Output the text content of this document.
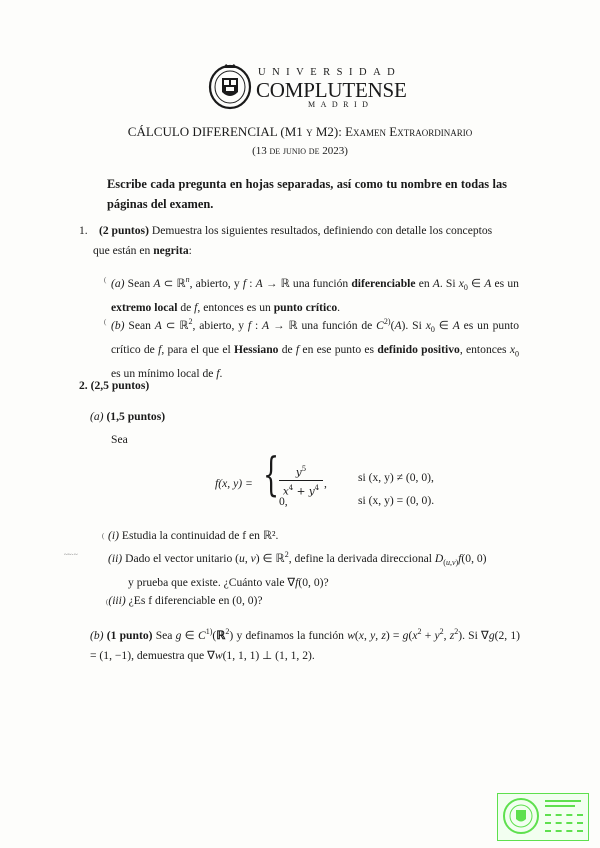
UNIVERSIDAD
COMPLUTENSE
MADRID
CÁLCULO DIFERENCIAL (M1 y M2): Examen Extraordinario
(13 de junio de 2023)
Escribe cada pregunta en hojas separadas, así como tu nombre en todas las páginas del examen.
1. (2 puntos) Demuestra los siguientes resultados, definiendo con detalle los conceptos
que están en negrita:
( (a) Sean A ⊂ ℝ$^n$, abierto, y f : A → ℝ una función diferenciable en A. Si $x_0$ ∈ A es un extremo local de f, entonces es un punto crítico.
( (b) Sean A ⊂ ℝ$^2$, abierto, y f : A → ℝ una función de $C^{2)}(A)$. Si $x_0$ ∈ A es un punto crítico de f, para el que el Hessiano de f en ese punto es definido positivo, entonces $x_0$ es un mínimo local de f.
2. (2,5 puntos)
(a) (1,5 puntos)
Sea
f(x, y) = { $\frac{y^5}{x^4 + y^4}$ ,
0,
si (x, y) ≠ (0, 0),
si (x, y) = (0, 0).
( (i) Estudia la continuidad de f en ℝ².
~~·~	(ii) Dado el vector unitario (u, v) ∈ ℝ$^2$, define la derivada direccional $D_{(u,v)}f(0$, 0)
y prueba que existe. ¿Cuánto vale ∇f(0, 0)?
((iii) ¿Es f diferenciable en (0, 0)?
(b) (1 punto) Sea g ∈ $C^{1)}(ℝ^2)$ y definamos la función w(x, y, $z) = g(x^2 + y^2$, $z^2$). Si ∇g(2, 1) = (1, −1), demuestra que ∇w(1, 1, 1) ⊥ (1, 1, 2).
